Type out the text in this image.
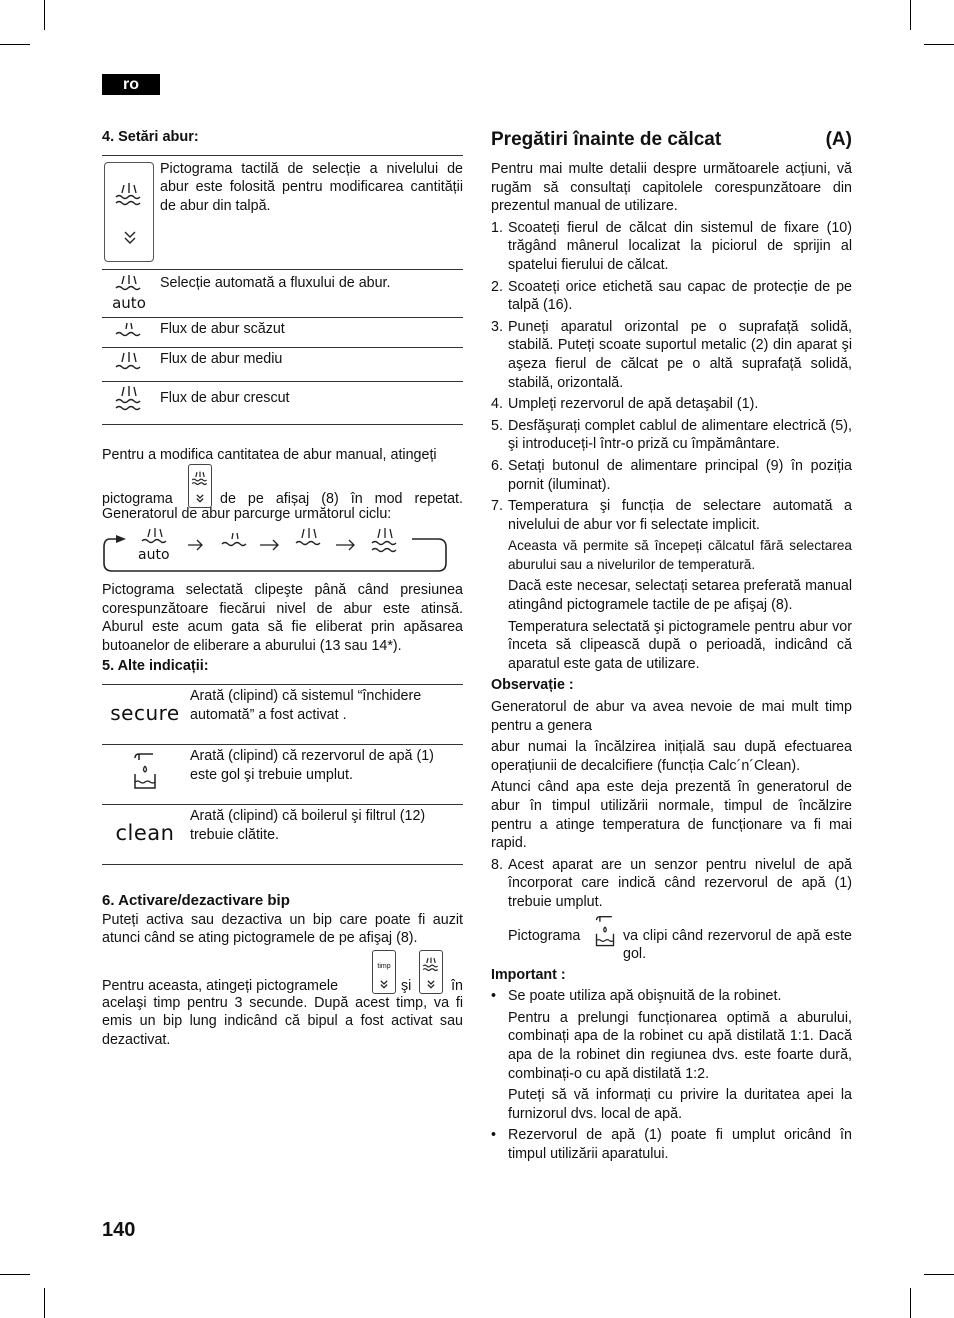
ro
4. Setări abur:
	Pictograma tactilă de selecție a nivelului de abur este folosită pentru modificarea cantității de abur din talpă.

auto	Selecție automată a fluxului de abur.
	Flux de abur scăzut
	Flux de abur mediu
	Flux de abur crescut

Pentru a modifica cantitatea de abur manual, atingeți

pictograma	de pe afișaj (8) în mod repetat.

Generatorul de abur parcurge următorul ciclu:

auto

Pictograma selectată clipeşte până când presiunea corespunzătoare fiecărui nivel de abur este atinsă. Aburul este acum gata să fie eliberat prin apăsarea butoanelor de eliberare a aburului (13 sau 14*).

5. Alte indicații:
secure	Arată (clipind) că sistemul “închidere automată” a fost activat .
	Arată (clipind) că rezervorul de apă (1) este gol şi trebuie umplut.
clean	Arată (clipind) că boilerul şi filtrul (12) trebuie clătite.
6. Activare/dezactivare bip

Puteți activa sau dezactiva un bip care poate fi auzit atunci când se ating pictogramele de pe afişaj (8).

Pentru aceasta, atingeți pictogramele
timp
şi	în

acelaşi timp pentru 3 secunde. După acest timp, va fi emis un bip lung indicând că bipul a fost activat sau dezactivat.

Pregătiri înainte de călcat	(A)

Pentru mai multe detalii despre următoarele acțiuni, vă rugăm să consultați capitolele corespunzătoare din prezentul manual de utilizare.

1. Scoateți fierul de călcat din sistemul de fixare (10) trăgând mânerul localizat la piciorul de sprijin al spatelui fierului de călcat.
2. Scoateți orice etichetă sau capac de protecție de pe talpă (16).
3. Puneți aparatul orizontal pe o suprafață solidă, stabilă. Puteți scoate suportul metalic (2) din aparat şi aşeza fierul de călcat pe o altă suprafață solidă, stabilă, orizontală.
4. Umpleți rezervorul de apă detaşabil (1).
5. Desfăşurați complet cablul de alimentare electrică (5), şi introduceți-l într-o priză cu împământare.
6. Setați butonul de alimentare principal (9) în poziția pornit (iluminat).
7. Temperatura şi funcția de selectare automată a nivelului de abur vor fi selectate implicit.

Aceasta vă permite să începeți călcatul fără selectarea aburului sau a nivelurilor de temperatură.

Dacă este necesar, selectați setarea preferată manual atingând pictogramele tactile de pe afişaj (8).

Temperatura selectată şi pictogramele pentru abur vor înceta să clipească după o perioadă, indicând că aparatul este gata de utilizare.

Observație :

Generatorul de abur va avea nevoie de mai mult timp pentru a genera

abur numai la încălzirea inițială sau după efectuarea operațiunii de decalcifiere (funcția Calc´n´Clean).

Atunci când apa este deja prezentă în generatorul de abur în timpul utilizării normale, timpul de încălzire pentru a atinge temperatura de funcționare va fi mai rapid.

8. Acest aparat are un senzor pentru nivelul de apă încorporat care indică când rezervorul de apă (1) trebuie umplut.
Pictograma	va clipi când rezervorul de apă este gol.

Important :

• Se poate utiliza apă obişnuită de la robinet.

Pentru a prelungi funcționarea optimă a aburului, combinați apa de la robinet cu apă distilată 1:1. Dacă apa de la robinet din regiunea dvs. este foarte dură, combinați-o cu apă distilată 1:2.

Puteți să vă informați cu privire la duritatea apei la furnizorul dvs. local de apă.

• Rezervorul de apă (1) poate fi umplut oricând în timpul utilizării aparatului.
140
